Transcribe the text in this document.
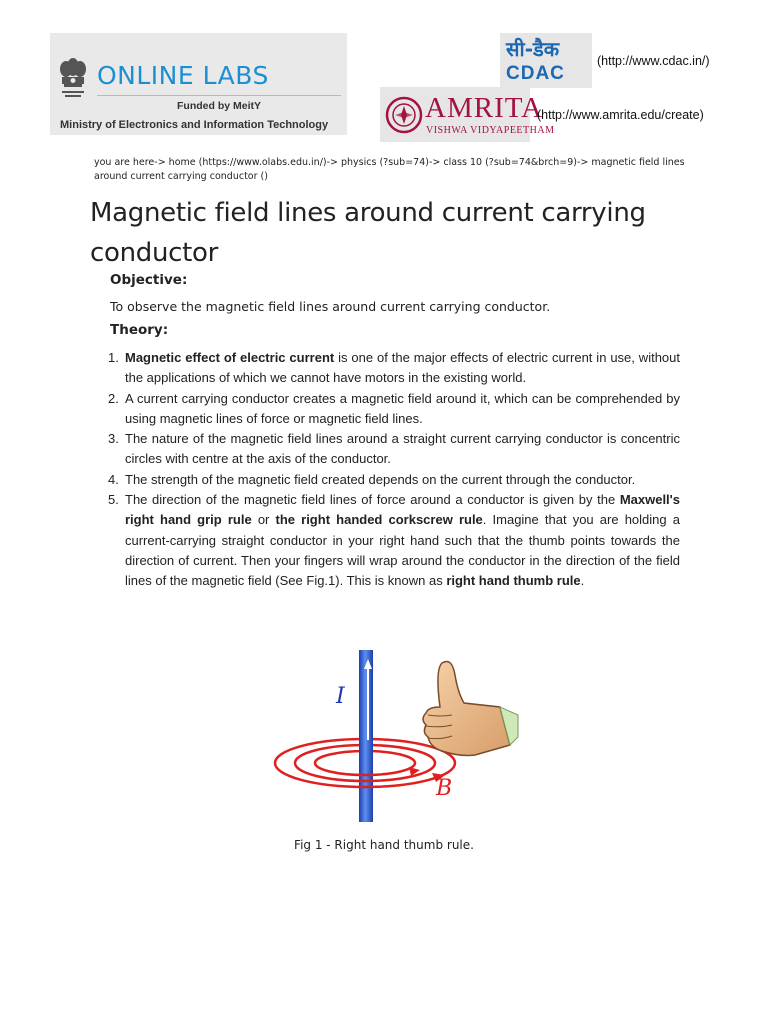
ONLINE LABS
Funded by MeitY
Ministry of Electronics and Information Technology
सी-डैक
CDAC
(http://www.cdac.in/)
AMRITA
VISHWA VIDYAPEETHAM
(http://www.amrita.edu/create)
you are here-> home (https://www.olabs.edu.in/)-> physics (?sub=74)-> class 10 (?sub=74&brch=9)-> magnetic field lines around current carrying conductor ()
Magnetic field lines around current carrying conductor
Objective:
To observe the magnetic field lines around current carrying conductor.
Theory:
1. Magnetic effect of electric current is one of the major effects of electric current in use, without the applications of which we cannot have motors in the existing world.
2. A current carrying conductor creates a magnetic field around it, which can be comprehended by using magnetic lines of force or magnetic field lines.
3. The nature of the magnetic field lines around a straight current carrying conductor is concentric circles with centre at the axis of the conductor.
4. The strength of the magnetic field created depends on the current through the conductor.
5. The direction of the magnetic field lines of force around a conductor is given by the Maxwell's right hand grip rule or the right handed corkscrew rule. Imagine that you are holding a current-carrying straight conductor in your right hand such that the thumb points towards the direction of current. Then your fingers will wrap around the conductor in the direction of the field lines of the magnetic field (See Fig.1). This is known as right hand thumb rule.
I
B
Fig 1 - Right hand thumb rule.
